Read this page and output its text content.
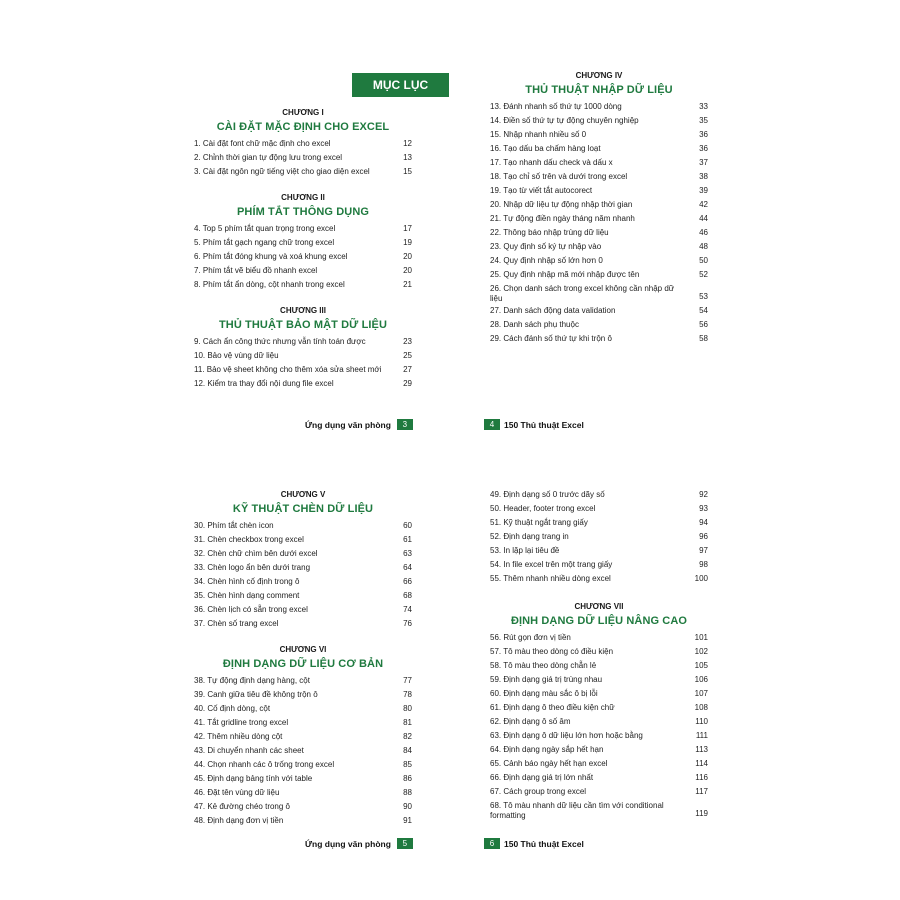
MỤC LỤC
CHƯƠNG I
CÀI ĐẶT MẶC ĐỊNH CHO EXCEL
1. Cài đặt font chữ mặc định cho excel	12
2. Chỉnh thời gian tự động lưu trong excel	13
3. Cài đặt ngôn ngữ tiếng việt cho giao diện excel	15
CHƯƠNG II
PHÍM TẮT THÔNG DỤNG
4. Top 5 phím tắt quan trọng trong excel	17
5. Phím tắt gạch ngang chữ trong excel	19
6. Phím tắt đóng khung và xoá khung excel	20
7. Phím tắt vẽ biểu đồ nhanh excel	20
8. Phím tắt ẩn dòng, cột nhanh trong excel	21
CHƯƠNG III
THỦ THUẬT BẢO MẬT DỮ LIỆU
9. Cách ẩn công thức nhưng vẫn tính toán được	23
10. Bảo vệ vùng dữ liệu	25
11. Bảo vệ sheet không cho thêm xóa sửa sheet mới	27
12. Kiểm tra thay đổi nội dung file excel	29
CHƯƠNG IV
THỦ THUẬT NHẬP DỮ LIỆU
13. Đánh nhanh số thứ tự 1000 dòng	33
14. Điền số thứ tự tự động chuyên nghiệp	35
15. Nhập nhanh nhiều số 0	36
16. Tạo dấu ba chấm hàng loạt	36
17. Tạo nhanh dấu check và dấu x	37
18. Tạo chỉ số trên và dưới trong excel	38
19. Tạo từ viết tắt autocorect	39
20. Nhập dữ liệu tự động nhập thời gian	42
21. Tự động điền ngày tháng năm nhanh	44
22. Thông báo nhập trùng dữ liệu	46
23. Quy định số ký tự nhập vào	48
24. Quy định nhập số lớn hơn 0	50
25. Quy định nhập mã mới nhập được tên	52
26. Chọn danh sách trong excel không cần nhập dữ liệu	53
27. Danh sách động data validation	54
28. Danh sách phụ thuộc	56
29. Cách đánh số thứ tự khi trộn ô	58
CHƯƠNG V
KỸ THUẬT CHÈN DỮ LIỆU
30. Phím tắt chèn icon	60
31. Chèn checkbox trong excel	61
32. Chèn chữ chìm bên dưới excel	63
33. Chèn logo ẩn bên dưới trang	64
34. Chèn hình cố định trong ô	66
35. Chèn hình dạng comment	68
36. Chèn lịch có sẵn trong excel	74
37. Chèn số trang excel	76
CHƯƠNG VI
ĐỊNH DẠNG DỮ LIỆU CƠ BẢN
38. Tự động định dạng hàng, cột	77
39. Canh giữa tiêu đề không trộn ô	78
40. Cố định dòng, cột	80
41. Tắt gridline trong excel	81
42. Thêm nhiều dòng cột	82
43. Di chuyển nhanh các sheet	84
44. Chọn nhanh các ô trống trong excel	85
45. Định dạng bảng tính với table	86
46. Đặt tên vùng dữ liệu	88
47. Kẻ đường chéo trong ô	90
48. Định dạng đơn vị tiền	91
49. Định dạng số 0 trước dãy số	92
50. Header, footer trong excel	93
51. Kỹ thuật ngắt trang giấy	94
52. Định dạng trang in	96
53. In lặp lại tiêu đề	97
54. In file excel trên một trang giấy	98
55. Thêm nhanh nhiều dòng excel	100
CHƯƠNG VII
ĐỊNH DẠNG DỮ LIỆU NÂNG CAO
56. Rút gọn đơn vị tiền	101
57. Tô màu theo dòng có điều kiện	102
58. Tô màu theo dòng chẵn lẻ	105
59. Định dạng giá trị trùng nhau	106
60. Định dạng màu sắc ô bị lỗi	107
61. Định dạng ô theo điều kiện chữ	108
62. Định dạng ô số âm	110
63. Định dạng ô dữ liệu lớn hơn hoặc bằng	111
64. Định dạng ngày sắp hết hạn	113
65. Cảnh báo ngày hết hạn excel	114
66. Định dạng giá trị lớn nhất	116
67. Cách group trong excel	117
68. Tô màu nhanh dữ liệu cần tìm với conditional formatting	119
Ứng dụng văn phòng	3	4	150 Thủ thuật Excel
Ứng dụng văn phòng	5	6	150 Thủ thuật Excel
